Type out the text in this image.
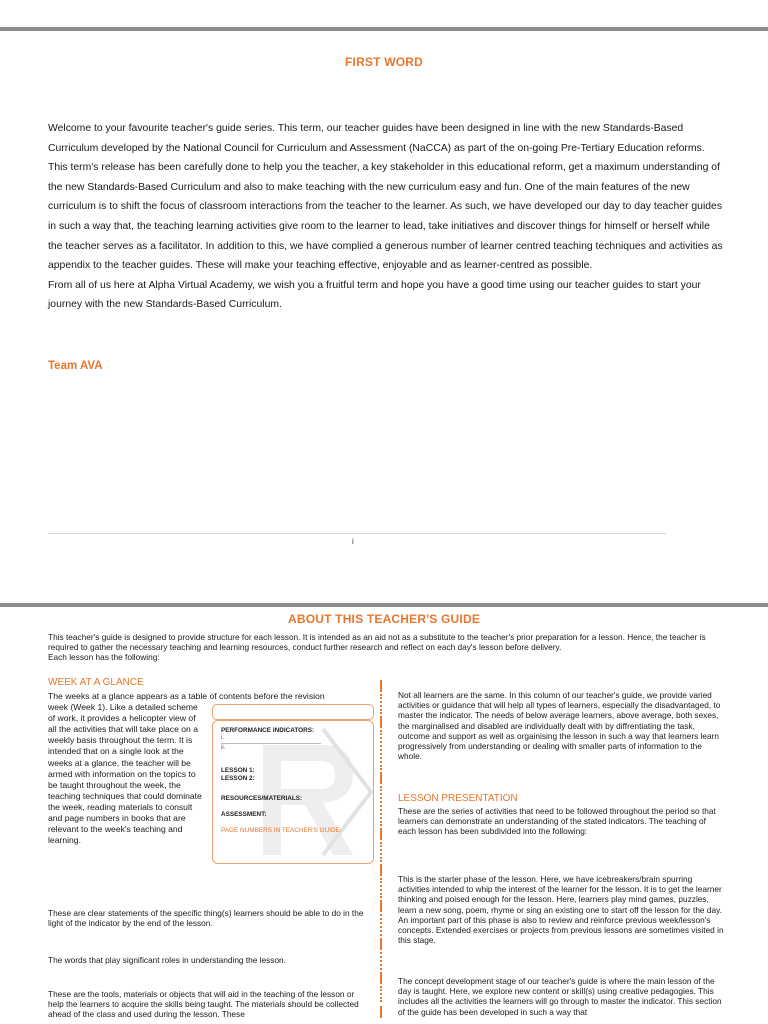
FIRST WORD

Welcome to your favourite teacher's guide series. This term, our teacher guides have been designed in line with the new Standards-Based Curriculum developed by the National Council for Curriculum and Assessment (NaCCA) as part of the on-going Pre-Tertiary Education reforms. This term's release has been carefully done to help you the teacher, a key stakeholder in this educational reform, get a maximum understanding of the new Standards-Based Curriculum and also to make teaching with the new curriculum easy and fun. One of the main features of the new curriculum is to shift the focus of classroom interactions from the teacher to the learner. As such, we have developed our day to day teacher guides in such a way that, the teaching learning activities give room to the learner to lead, take initiatives and discover things for himself or herself while the teacher serves as a facilitator. In addition to this, we have complied a generous number of learner centred teaching techniques and activities as appendix to the teacher guides. These will make your teaching effective, enjoyable and as learner-centred as possible.

From all of us here at Alpha Virtual Academy, we wish you a fruitful term and hope you have a good time using our teacher guides to start your journey with the new Standards-Based Curriculum.

Team AVA
i
ABOUT THIS TEACHER'S GUIDE

This teacher's guide is designed to provide structure for each lesson. It is intended as an aid not as a substitute to the teacher's prior preparation for a lesson. Hence, the teacher is required to gather the necessary teaching and learning resources, conduct further research and reflect on each day's lesson before delivery.

Each lesson has the following:

WEEK AT A GLANCE

The weeks at a glance appears as a table of contents before the revision

week (Week 1). Like a detailed scheme of work, it provides a helicopter view of all the activities that will take place on a weekly basis throughout the term. It is intended that on a single look at the weeks at a glance, the teacher will be armed with information on the topics to be taught throughout the week, the teaching techniques that could dominate the week, reading materials to consult and page numbers in books that are relevant to the week's teaching and learning.

PERFORMANCE INDICATORS:
i.
ii.
LESSON 1:
LESSON 2:
RESOURCES/MATERIALS:
ASSESSMENT:
PAGE NUMBERS IN TEACHER'S GUIDE:

These are clear statements of the specific thing(s) learners should be able to do in the light of the indicator by the end of the lesson.

The words that play significant roles in understanding the lesson.

These are the tools, materials or objects that will aid in the teaching of the lesson or help the learners to acquire the skills being taught. The materials should be collected ahead of the class and used during the lesson. These

Not all learners are the same. In this column of our teacher's guide, we provide varied activities or guidance that will help all types of learners, especially the disadvantaged, to master the indicator. The needs of below average learners, above average, both sexes, the marginalised and disabled are individually dealt with by diffrentiating the task, outcome and support as well as orgainising the lesson in such a way that learners learn progressively from understanding or dealing with smaller parts of information to the whole.

LESSON PRESENTATION

These are the series of activities that need to be followed throughout the period so that learners can demonstrate an understanding of the stated indicators. The teaching of each lesson has been subdivided into the following:

This is the starter phase of the lesson. Here, we have icebreakers/brain spurring activities intended to whip the interest of the learner for the lesson. It is to get the learner thinking and poised enough for the lesson. Here, learners play mind games, puzzles, learn a new song, poem, rhyme or sing an existing one to start off the lesson for the day. An important part of this phase is also to review and reinforce previous week/lesson's concepts. Extended exercises or projects from previous lessons are sometimes visited in this stage.

The concept development stage of our teacher's guide is where the main lesson of the day is taught. Here, we explore new content or skill(s) using creative pedagogies. This includes all the activities the learners will go through to master the indicator. This section of the guide has been developed in such a way that
